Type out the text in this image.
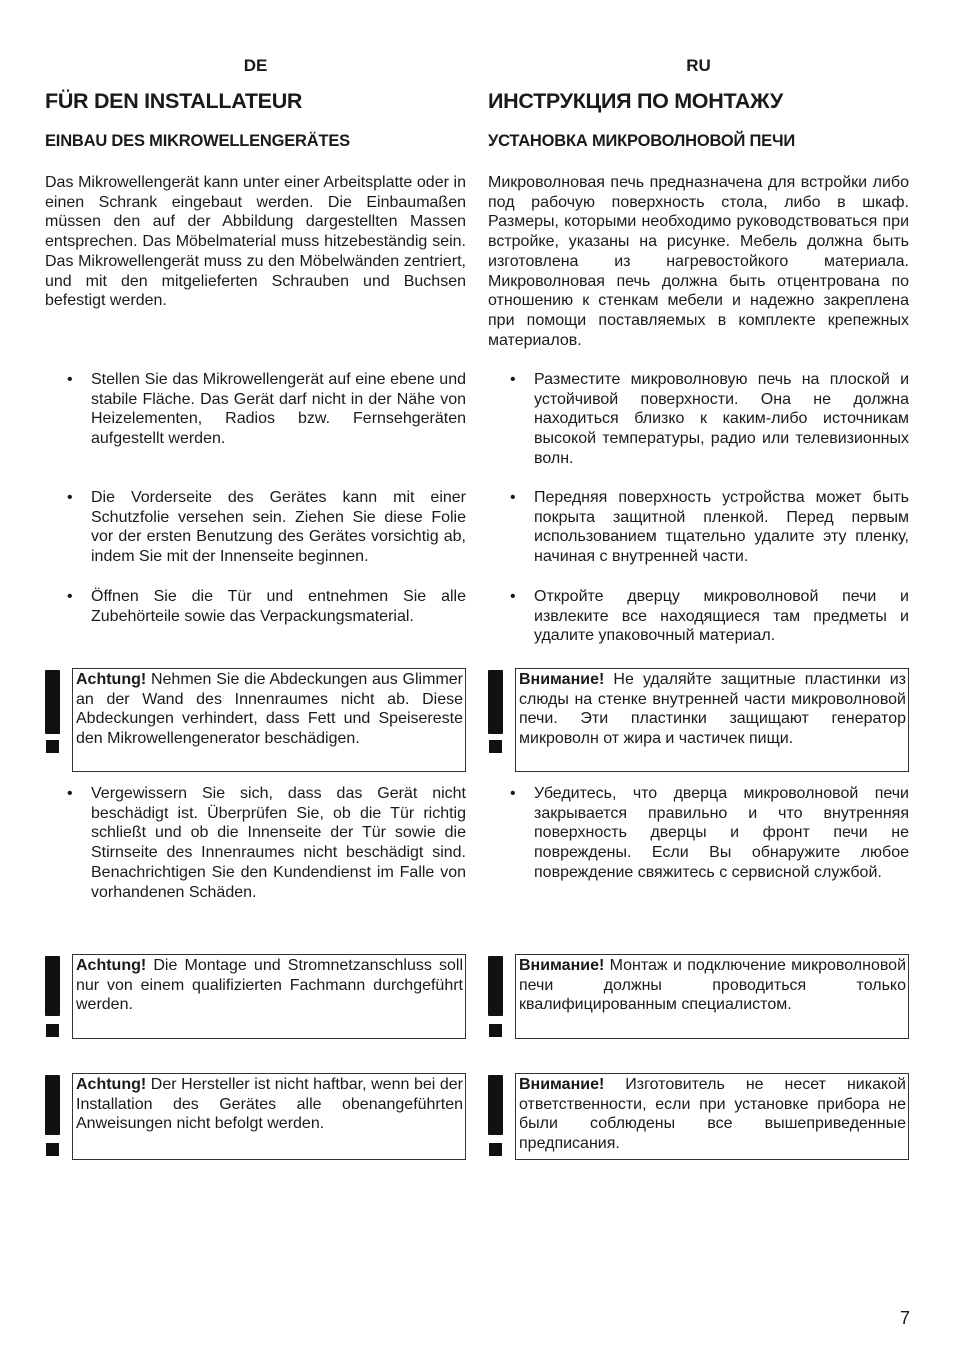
DE
FÜR DEN INSTALLATEUR
EINBAU DES MIKROWELLENGERÄTES
Das Mikrowellengerät kann unter einer Arbeitsplatte oder in einen Schrank eingebaut werden. Die Einbaumaßen müssen den auf der Abbildung dargestellten Massen entsprechen. Das Möbelmaterial muss hitzebeständig sein. Das Mikrowellengerät muss zu den Möbelwänden zentriert, und mit den mitgelieferten Schrauben und Buchsen befestigt werden.
• Stellen Sie das Mikrowellengerät auf eine ebene und stabile Fläche. Das Gerät darf nicht in der Nähe von Heizelementen, Radios bzw. Fernsehgeräten aufgestellt werden.
• Die Vorderseite des Gerätes kann mit einer Schutzfolie versehen sein. Ziehen Sie diese Folie vor der ersten Benutzung des Gerätes vorsichtig ab, indem Sie mit der Innenseite beginnen.
• Öffnen Sie die Tür und entnehmen Sie alle Zubehörteile sowie das Verpackungsmaterial.
Achtung! Nehmen Sie die Abdeckungen aus Glimmer an der Wand des Innenraumes nicht ab. Diese Abdeckungen verhindert, dass Fett und Speisereste den Mikrowellengenerator beschädigen.
• Vergewissern Sie sich, dass das Gerät nicht beschädigt ist. Überprüfen Sie, ob die Tür richtig schließt und ob die Innenseite der Tür sowie die Stirnseite des Innenraumes nicht beschädigt sind. Benachrichtigen Sie den Kundendienst im Falle von vorhandenen Schäden.
Achtung! Die Montage und Stromnetzanschluss soll nur von einem qualifizierten Fachmann durchgeführt werden.
Achtung! Der Hersteller ist nicht haftbar, wenn bei der Installation des Gerätes alle obenangeführten Anweisungen nicht befolgt werden.
RU
ИНСТРУКЦИЯ ПО МОНТАЖУ
УСТАНОВКА МИКРОВОЛНОВОЙ ПЕЧИ
Микроволновая печь предназначена для встройки либо под рабочую поверхность стола, либо в шкаф. Размеры, которыми необходимо руководствоваться при встройке, указаны на рисунке. Мебель должна быть изготовлена из нагревостойкого материала. Микроволновая печь должна быть отцентрована по отношению к стенкам мебели и надежно закреплена при помощи поставляемых в комплекте крепежных материалов.
• Разместите микроволновую печь на плоской и устойчивой поверхности. Она не должна находиться близко к каким-либо источникам высокой температуры, радио или телевизионных волн.
• Передняя поверхность устройства может быть покрыта защитной пленкой. Перед первым использованием тщательно удалите эту пленку, начиная с внутренней части.
• Откройте дверцу микроволновой печи и извлеките все находящиеся там предметы и удалите упаковочный материал.
Внимание! Не удаляйте защитные пластинки из слюды на стенке внутренней части микроволновой печи. Эти пластинки защищают генератор микроволн от жира и частичек пищи.
• Убедитесь, что дверца микроволновой печи закрывается правильно и что внутренняя поверхность дверцы и фронт печи не повреждены. Если Вы обнаружите любое повреждение свяжитесь с сервисной службой.
Внимание! Монтаж и подключение микроволновой печи должны проводиться только квалифицированным специалистом.
Внимание! Изготовитель не несет никакой ответственности, если при установке прибора не были соблюдены все вышеприведенные предписания.
7
